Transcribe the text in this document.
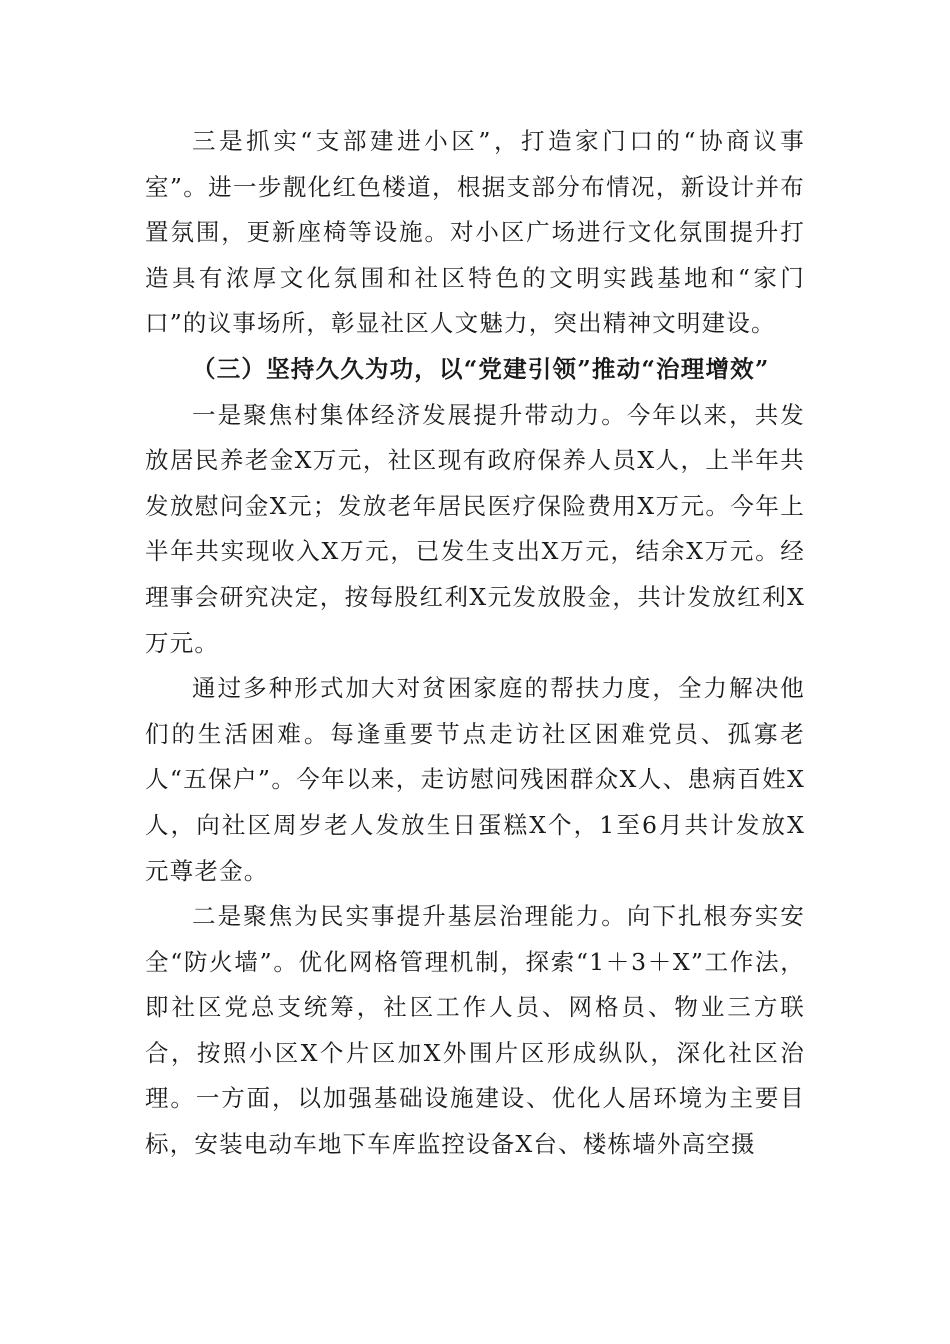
三是抓实“支部建进小区”，打造家门口的“协商议事室”。进一步靓化红色楼道，根据支部分布情况，新设计并布置氛围，更新座椅等设施。对小区广场进行文化氛围提升打造具有浓厚文化氛围和社区特色的文明实践基地和“家门口”的议事场所，彰显社区人文魅力，突出精神文明建设。

（三）坚持久久为功，以“党建引领”推动“治理增效”

一是聚焦村集体经济发展提升带动力。今年以来，共发放居民养老金X万元，社区现有政府保养人员X人，上半年共发放慰问金X元；发放老年居民医疗保险费用X万元。今年上半年共实现收入X万元，已发生支出X万元，结余X万元。经理事会研究决定，按每股红利X元发放股金，共计发放红利X万元。

通过多种形式加大对贫困家庭的帮扶力度，全力解决他们的生活困难。每逢重要节点走访社区困难党员、孤寡老人“五保户”。今年以来，走访慰问残困群众X人、患病百姓X人，向社区周岁老人发放生日蛋糕X个，1至6月共计发放X元尊老金。

二是聚焦为民实事提升基层治理能力。向下扎根夯实安全“防火墙”。优化网格管理机制，探索“1＋3＋X”工作法，即社区党总支统筹，社区工作人员、网格员、物业三方联合，按照小区X个片区加X外围片区形成纵队，深化社区治理。一方面，以加强基础设施建设、优化人居环境为主要目标，安装电动车地下车库监控设备X台、楼栋墙外高空摄
